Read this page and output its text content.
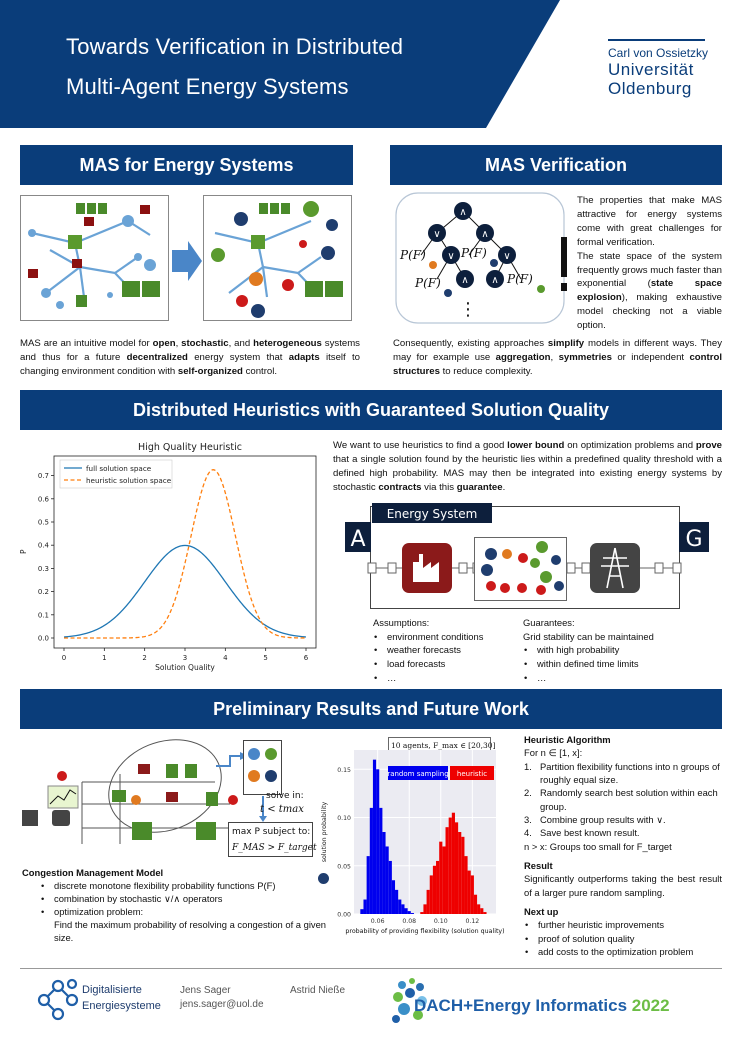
Towards Verification in Distributed
Multi-Agent Energy Systems
Carl von Ossietzky
Universität
Oldenburg
MAS for Energy Systems
MAS are an intuitive model for open, stochastic, and heterogeneous systems and thus for a future decentralized energy system that adapts itself to changing environment condition with self-organized control.
MAS Verification
∧
∨	∧
∨
∧
∨
∧
P(F)	P(F)
P(F)	P(F)
⋮
The properties that make MAS attractive for energy systems come with great challenges for formal verification.
The state space of the system frequently grows much faster than exponential (state space explosion), making exhaustive model checking not a viable option.
Consequently, existing approaches simplify models in different ways. They may for example use aggregation, symmetries or independent control structures to reduce complexity.
Distributed Heuristics with Guaranteed Solution Quality
High Quality Heuristic
0.0
0.1
0.2
0.3
0.4
0.5
0.6
0.7
0	1	2	3	4	5	6
full solution space
heuristic solution space
Solution Quality
P
We want to use heuristics to find a good lower bound on optimization problems and prove that a single solution found by the heuristic lies within a predefined quality threshold with a defined high probability. MAS may then be integrated into existing energy systems by stochastic contracts via this guarantee.
Energy System
A	G
Assumptions:
• environment conditions
• weather forecasts
• load forecasts
• …
Guarantees:
Grid stability can be maintained
• with high probability
• within defined time limits
• …
Preliminary Results and Future Work
solve in:
t < tmax
max P subject to:
F_MAS > F_target
Congestion Management Model
• discrete monotone flexibility probability functions P(F)
• combination by stochastic ∨/∧ operators
• optimization problem:
Find the maximum probability of resolving a congestion of a given size.
10 agents, F_max ∈ [20,30]
0.00
0.05
0.10
0.15
0.06	0.08	0.10	0.12
random sampling heuristic
probability of providing flexibility (solution quality)
solution probability
Heuristic Algorithm
For n ∈ [1, x]:
1. Partition flexibility functions into n groups of roughly equal size.
2. Randomly search best solution within each group.
3. Combine group results with ∨.
4. Save best known result.
n > x: Groups too small for F_target
Result
Significantly outperforms taking the best result of a larger pure random sampling.
Next up
• further heuristic improvements
• proof of solution quality
• add costs to the optimization problem
Digitalisierte
Energiesysteme
Jens Sager
jens.sager@uol.de
Astrid Nieße
DACH+Energy Informatics 2022
